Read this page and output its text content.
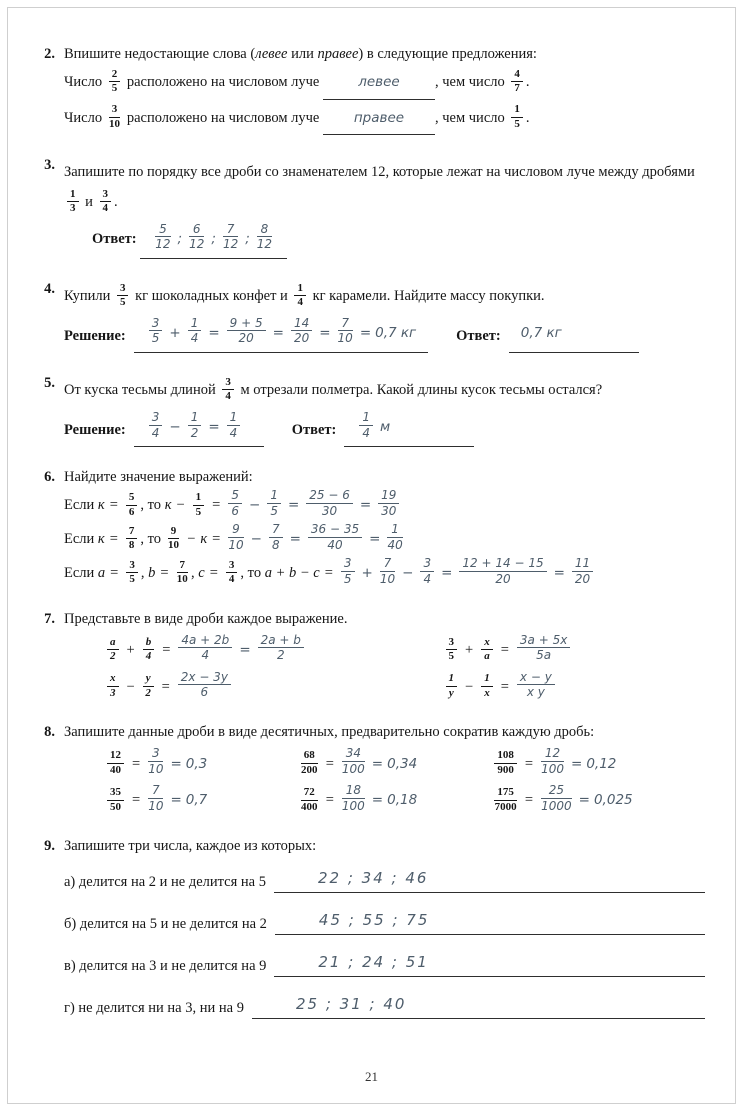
2. Впишите недостающие слова (левее или правее) в следующие предложения:

Число $\frac{2}{5}$ расположено на числовом луче	левее , чем число $\frac{4}{7}$ .

Число $\frac{3}{10}$ расположено на числовом луче правее , чем число $\frac{1}{5}$ .

3. Запишите по порядку все дроби со знаменателем 12, которые лежат на числовом луче между дробями
$\frac{1}{3}$ и $\frac{3}{4}$ .

Ответ: $\frac{5}{12}$ ; $\frac{6}{12}$ ; $\frac{7}{12}$ ; $\frac{8}{12}$

4. Купили $\frac{3}{5}$ кг шоколадных конфет и $\frac{1}{4}$ кг карамели. Найдите массу покупки.

Решение: $\frac{3}{5} + \frac{1}{4} = \frac{9 + 5}{20} = \frac{14}{20} = \frac{7}{10} = 0,7$ кг	Ответ:	0,7 кг

5. От куска тесьмы длиной $\frac{3}{4}$ м отрезали полметра. Какой длины кусок тесьмы остался?

Решение: $\frac{3}{4} - \frac{1}{2} = \frac{1}{4}$	Ответ: $\frac{1}{4}$ м

6. Найдите значение выражений:

Если $к = \frac{5}{6}$ , то $к - \frac{1}{5} = \frac{5}{6} - \frac{1}{5} = \frac{25 - 6}{30} = \frac{19}{30}$

Если $к = \frac{7}{8}$ , то $\frac{9}{10} - к = \frac{9}{10} - \frac{7}{8} = \frac{36 - 35}{40} = \frac{1}{40}$

Если $a = \frac{3}{5}$ , $b = \frac{7}{10}$ , $c = \frac{3}{4}$ , то $a + b - c = \frac{3}{5} + \frac{7}{10} - \frac{3}{4} = \frac{12 + 14 - 15}{20} = \frac{11}{20}$

7. Представьте в виде дроби каждое выражение.

$\frac{a}{2} + \frac{b}{4} = \frac{4a + 2b}{4} = \frac{2a + b}{2}$	$\frac{3}{5} + \frac{x}{a} = \frac{3a + 5x}{5a}$

$\frac{x}{3} - \frac{y}{2} = \frac{2x - 3y}{6}$	$\frac{1}{y} - \frac{1}{x} = \frac{x - y}{\text{x y}}$

8. Запишите данные дроби в виде десятичных, предварительно сократив каждую дробь:

$\frac{12}{40} = \frac{3}{10} = 0,3$	$\frac{68}{200} = \frac{34}{100} = 0,34$	$\frac{108}{900} = \frac{12}{100} = 0,12$

$\frac{35}{50} = \frac{7}{10} = 0,7$	$\frac{72}{400} = \frac{18}{100} = 0,18$	$\frac{175}{7000} = \frac{25}{1000} = 0,025$

9. Запишите три числа, каждое из которых:

а) делится на 2 и не делится на 5	22 ; 34 ; 46
б) делится на 5 и не делится на 2	45 ; 55 ; 75
в) делится на 3 и не делится на 9	21 ; 24 ; 51
г) не делится ни на 3, ни на 9	25 ; 31 ; 40
21
